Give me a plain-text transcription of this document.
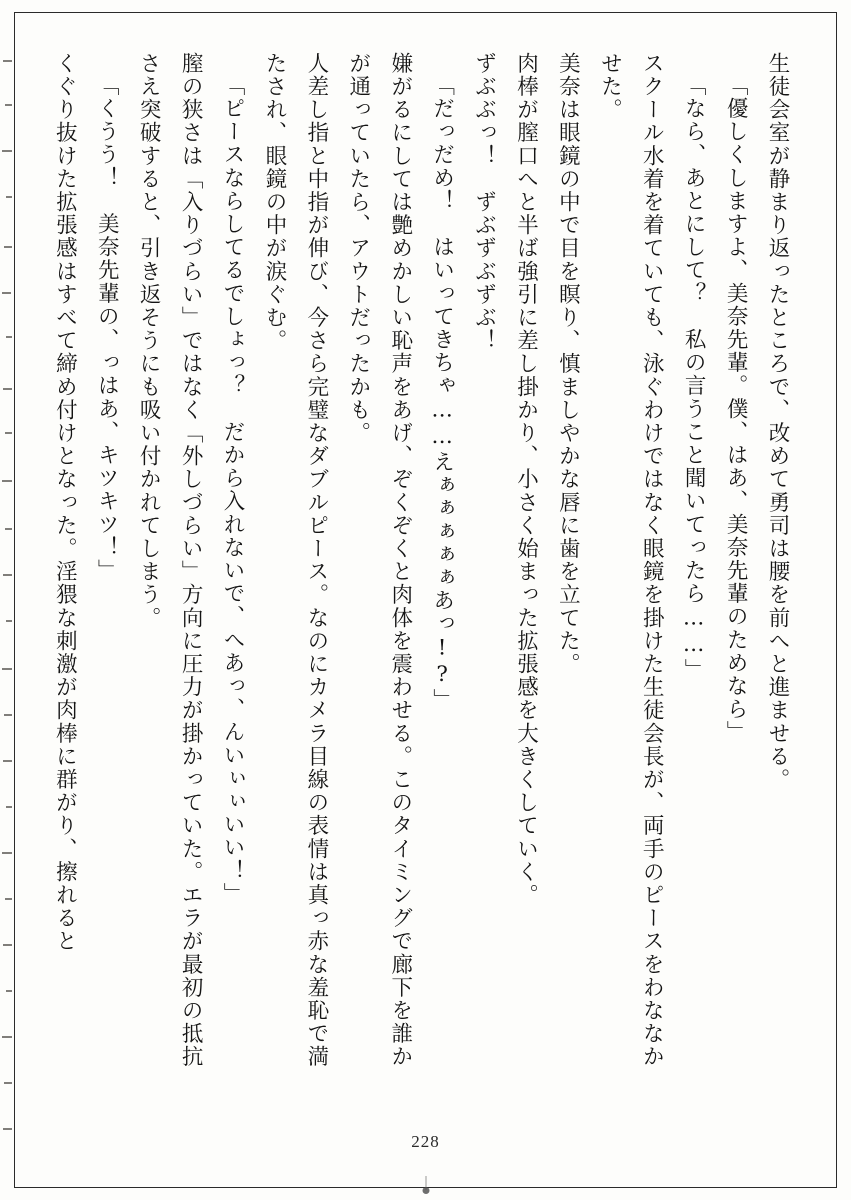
生徒会室が静まり返ったところで、改めて勇司は腰を前へと進ませる。

「優しくしますよ、美奈先輩。僕、はあ、美奈先輩のためなら」

「なら、あとにして？　私の言うこと聞いてったら……」

スクール水着を着ていても、泳ぐわけではなく眼鏡を掛けた生徒会長が、両手のピースをわななかせた。

美奈は眼鏡の中で目を瞑り、慎ましやかな唇に歯を立てた。

肉棒が膣口へと半ば強引に差し掛かり、小さく始まった拡張感を大きくしていく。

ずぶぶっ！　ずぶずぶずぶ！

「だっだめ！　はいってきちゃ……えぁぁぁぁぁあっ!?」

嫌がるにしては艶めかしい恥声をあげ、ぞくぞくと肉体を震わせる。このタイミングで廊下を誰かが通っていたら、アウトだったかも。

人差し指と中指が伸び、今さら完璧なダブルピース。なのにカメラ目線の表情は真っ赤な羞恥で満たされ、眼鏡の中が涙ぐむ。

「ピースならしてるでしょっ？　だから入れないで、へあっ、んいぃぃいい！」

膣の狭さは「入りづらい」ではなく「外しづらい」方向に圧力が掛かっていた。エラが最初の抵抗さえ突破すると、引き返そうにも吸い付かれてしまう。

「くうう！　美奈先輩の、っはあ、キツキツ！」

くぐり抜けた拡張感はすべて締め付けとなった。淫猥な刺激が肉棒に群がり、擦れると

228
